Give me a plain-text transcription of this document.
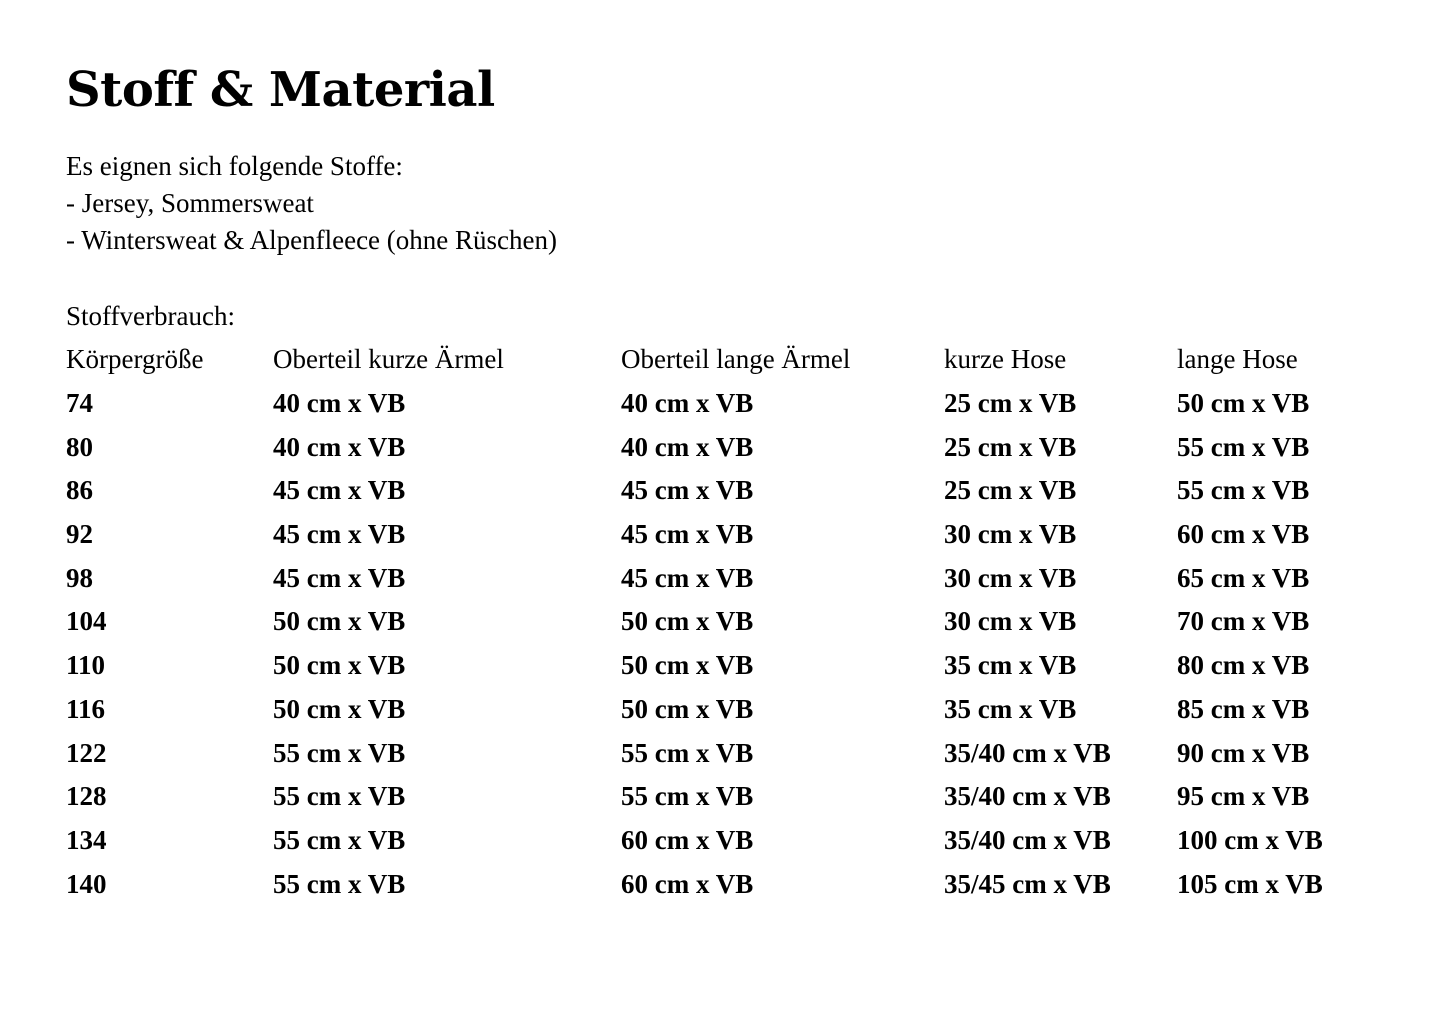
Stoff & Material
Es eignen sich folgende Stoffe:
- Jersey, Sommersweat
- Wintersweat & Alpenfleece (ohne Rüschen)
Stoffverbrauch:
Körpergröße	Oberteil kurze Ärmel	Oberteil lange Ärmel	kurze Hose	lange Hose
74	40 cm x VB	40 cm x VB	25 cm x VB	50 cm x VB
80	40 cm x VB	40 cm x VB	25 cm x VB	55 cm x VB
86	45 cm x VB	45 cm x VB	25 cm x VB	55 cm x VB
92	45 cm x VB	45 cm x VB	30 cm x VB	60 cm x VB
98	45 cm x VB	45 cm x VB	30 cm x VB	65 cm x VB
104	50 cm x VB	50 cm x VB	30 cm x VB	70 cm x VB
110	50 cm x VB	50 cm x VB	35 cm x VB	80 cm x VB
116	50 cm x VB	50 cm x VB	35 cm x VB	85 cm x VB
122	55 cm x VB	55 cm x VB	35/40 cm x VB	90 cm x VB
128	55 cm x VB	55 cm x VB	35/40 cm x VB	95 cm x VB
134	55 cm x VB	60 cm x VB	35/40 cm x VB	100 cm x VB
140	55 cm x VB	60 cm x VB	35/45 cm x VB	105 cm x VB
